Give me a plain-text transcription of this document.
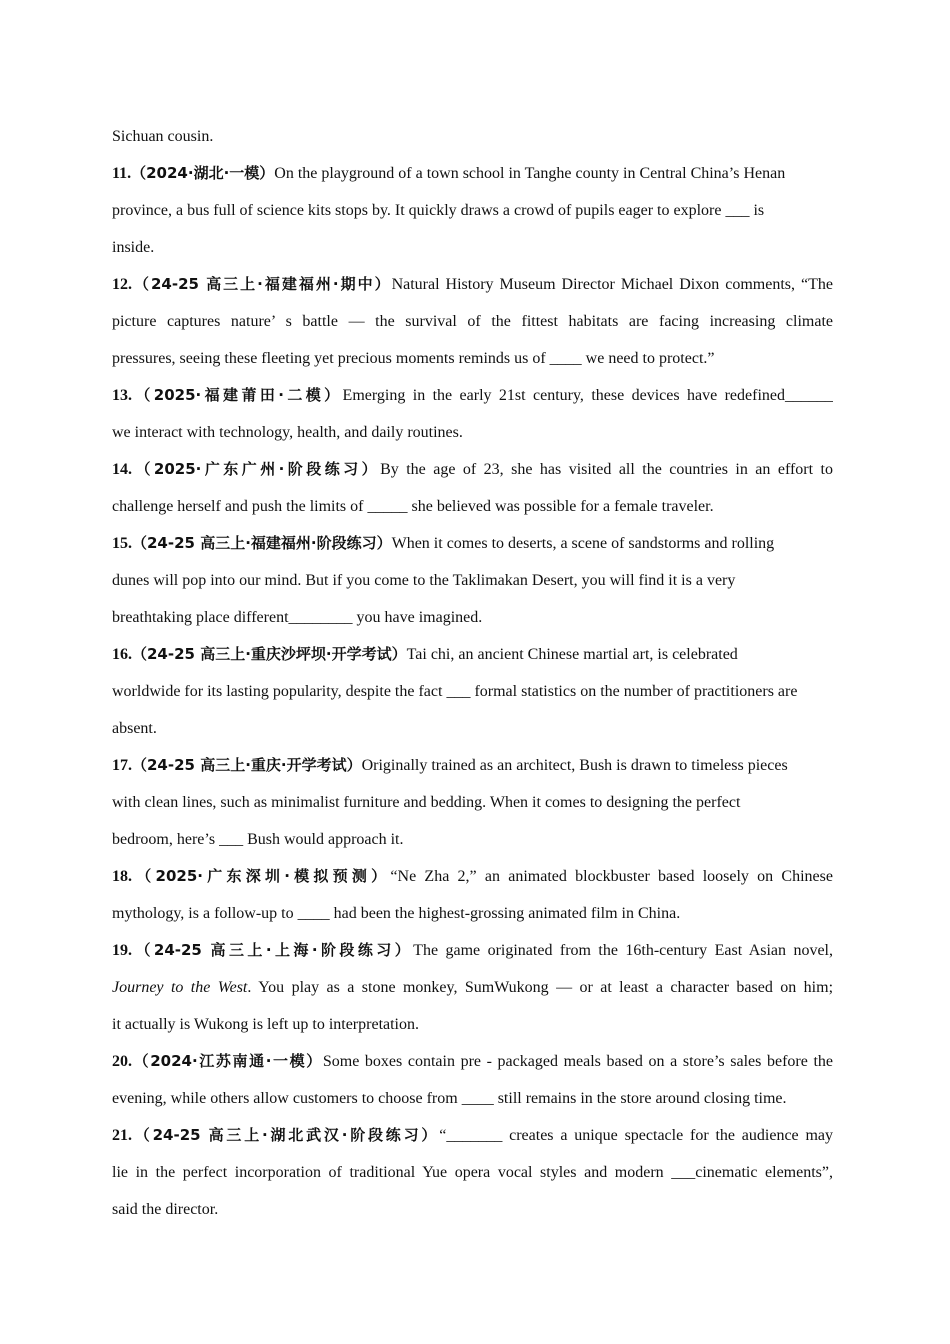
Sichuan cousin.
11.（2024·湖北·一模）On the playground of a town school in Tanghe county in Central China’s Henan
province, a bus full of science kits stops by. It quickly draws a crowd of pupils eager to explore ___ is
inside.
12.（24-25 高三上·福建福州·期中）Natural History Museum Director Michael Dixon comments, “The
picture captures nature’ s battle — the survival of the fittest habitats are facing increasing climate
pressures, seeing these fleeting yet precious moments reminds us of ____ we need to protect.”
13.（2025·福建莆田·二模）Emerging in the early 21st century, these devices have redefined______
we interact with technology, health, and daily routines.
14.（2025·广东广州·阶段练习）By the age of 23, she has visited all the countries in an effort to
challenge herself and push the limits of _____ she believed was possible for a female traveler.
15.（24-25 高三上·福建福州·阶段练习）When it comes to deserts, a scene of sandstorms and rolling
dunes will pop into our mind. But if you come to the Taklimakan Desert, you will find it is a very
breathtaking place different________ you have imagined.
16.（24-25 高三上·重庆沙坪坝·开学考试）Tai chi, an ancient Chinese martial art, is celebrated
worldwide for its lasting popularity, despite the fact ___ formal statistics on the number of practitioners are
absent.
17.（24-25 高三上·重庆·开学考试）Originally trained as an architect, Bush is drawn to timeless pieces
with clean lines, such as minimalist furniture and bedding. When it comes to designing the perfect
bedroom, here’s ___ Bush would approach it.
18.（2025·广东深圳·模拟预测）“Ne Zha 2,” an animated blockbuster based loosely on Chinese
mythology, is a follow-up to ____ had been the highest-grossing animated film in China.
19.（24-25 高三上·上海·阶段练习）The game originated from the 16th-century East Asian novel,
Journey to the West. You play as a stone monkey, SumWukong — or at least a character based on him;
it actually is Wukong is left up to interpretation.
20.（2024·江苏南通·一模）Some boxes contain pre - packaged meals based on a store’s sales before the
evening, while others allow customers to choose from ____ still remains in the store around closing time.
21.（24-25 高三上·湖北武汉·阶段练习）“_______ creates a unique spectacle for the audience may
lie in the perfect incorporation of traditional Yue opera vocal styles and modern ___cinematic elements”,
said the director.
